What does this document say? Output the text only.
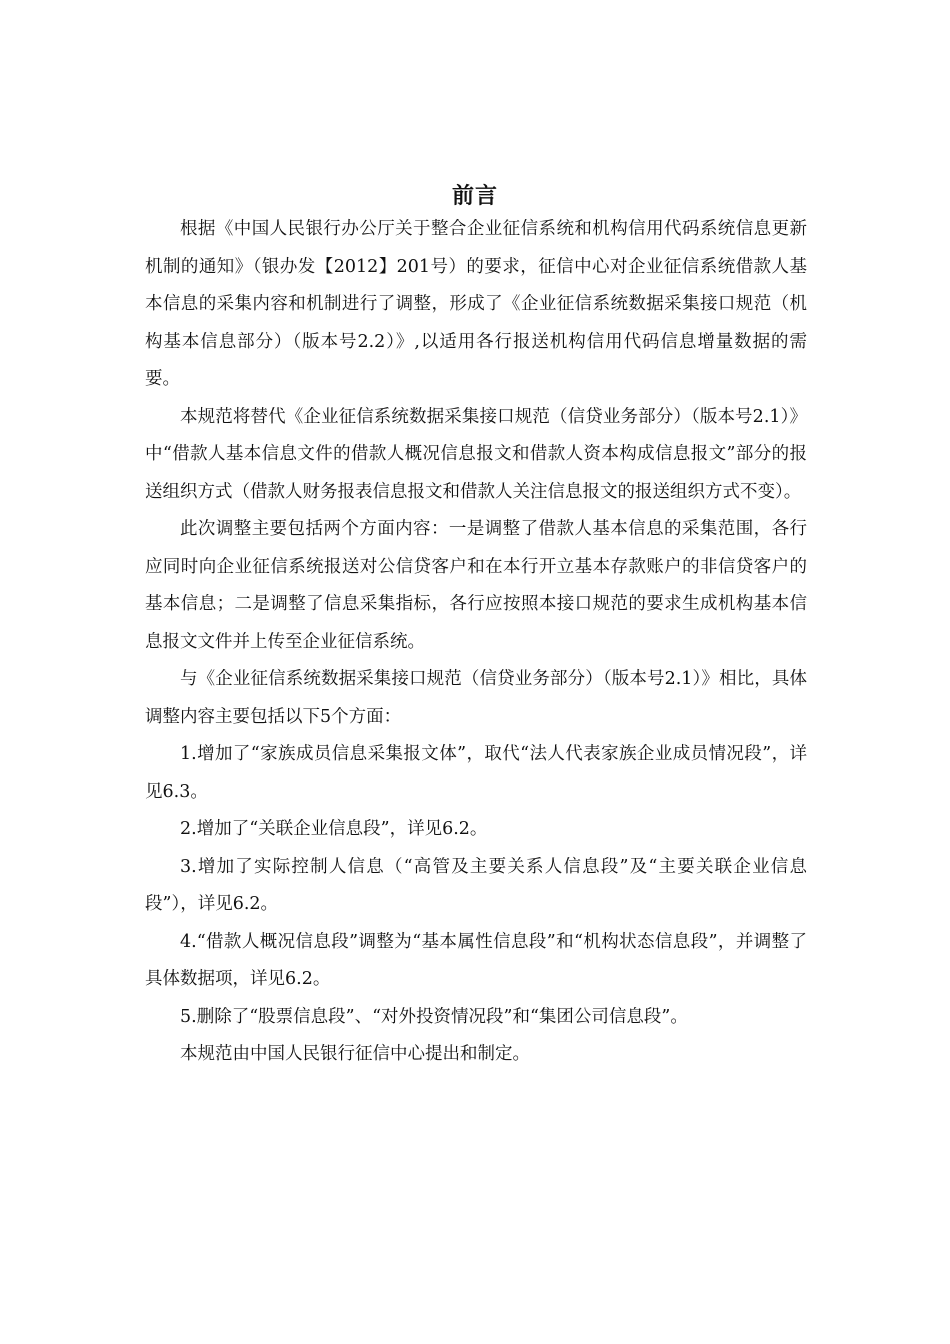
前言

根据《中国人民银行办公厅关于整合企业征信系统和机构信用代码系统信息更新机制的通知》（银办发【2012】201号）的要求，征信中心对企业征信系统借款人基本信息的采集内容和机制进行了调整，形成了《企业征信系统数据采集接口规范（机构基本信息部分）（版本号2.2）》,以适用各行报送机构信用代码信息增量数据的需要。

本规范将替代《企业征信系统数据采集接口规范（信贷业务部分）（版本号2.1）》中“借款人基本信息文件的借款人概况信息报文和借款人资本构成信息报文”部分的报送组织方式（借款人财务报表信息报文和借款人关注信息报文的报送组织方式不变）。

此次调整主要包括两个方面内容：一是调整了借款人基本信息的采集范围，各行应同时向企业征信系统报送对公信贷客户和在本行开立基本存款账户的非信贷客户的基本信息；二是调整了信息采集指标，各行应按照本接口规范的要求生成机构基本信息报文文件并上传至企业征信系统。

与《企业征信系统数据采集接口规范（信贷业务部分）（版本号2.1）》相比，具体调整内容主要包括以下5个方面：

1.增加了“家族成员信息采集报文体”，取代“法人代表家族企业成员情况段”，详见6.3。

2.增加了“关联企业信息段”，详见6.2。

3.增加了实际控制人信息（“高管及主要关系人信息段”及“主要关联企业信息段”），详见6.2。

4.“借款人概况信息段”调整为“基本属性信息段”和“机构状态信息段”，并调整了具体数据项，详见6.2。

5.删除了“股票信息段”、“对外投资情况段”和“集团公司信息段”。

本规范由中国人民银行征信中心提出和制定。
